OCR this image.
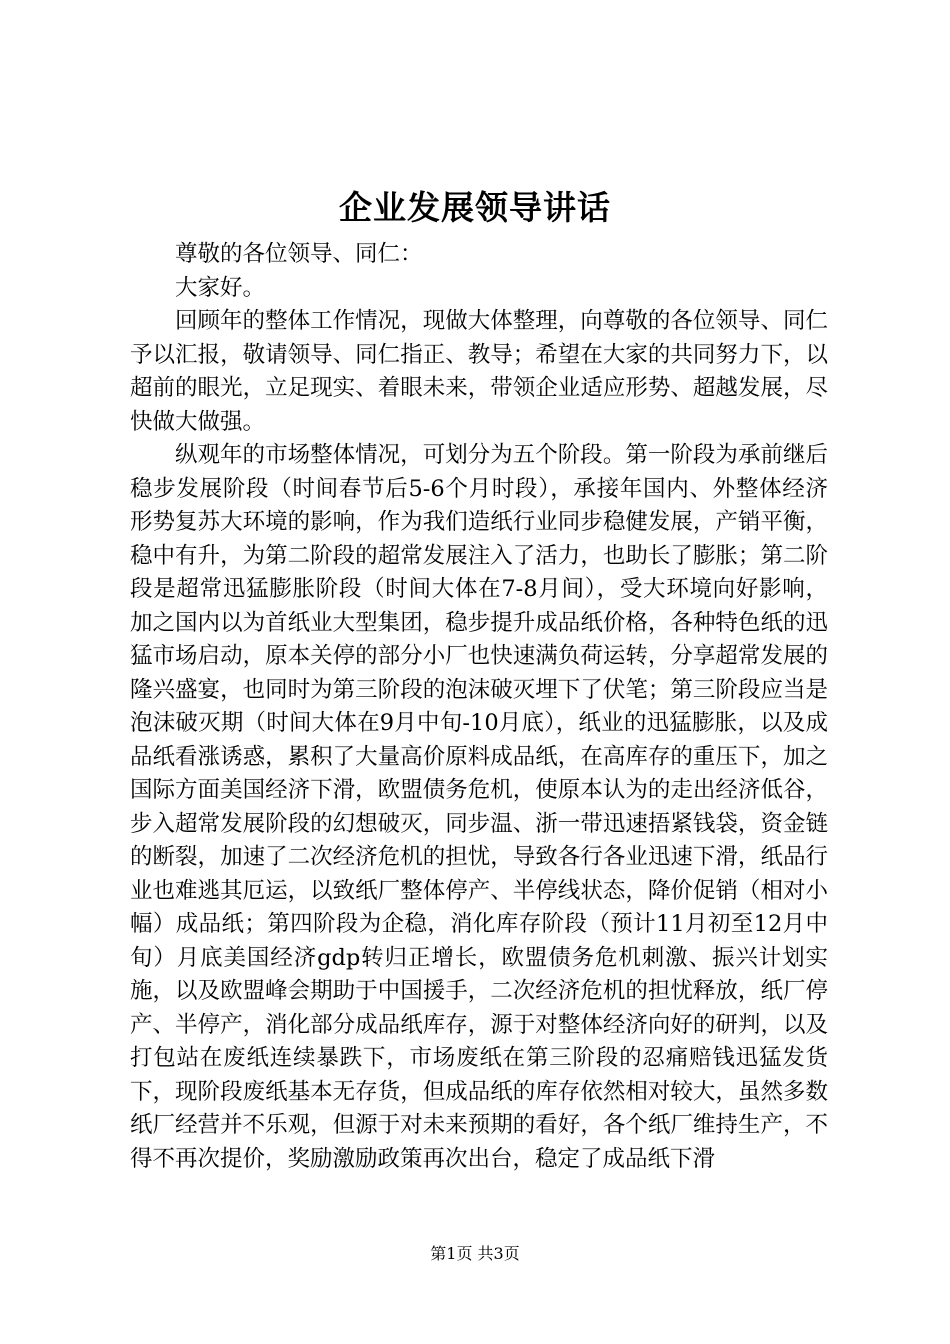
企业发展领导讲话

尊敬的各位领导、同仁：

大家好。

回顾年的整体工作情况，现做大体整理，向尊敬的各位领导、同仁予以汇报，敬请领导、同仁指正、教导；希望在大家的共同努力下，以超前的眼光，立足现实、着眼未来，带领企业适应形势、超越发展，尽快做大做强。

纵观年的市场整体情况，可划分为五个阶段。第一阶段为承前继后稳步发展阶段（时间春节后5-6个月时段），承接年国内、外整体经济形势复苏大环境的影响，作为我们造纸行业同步稳健发展，产销平衡，稳中有升，为第二阶段的超常发展注入了活力，也助长了膨胀；第二阶段是超常迅猛膨胀阶段（时间大体在7-8月间），受大环境向好影响，加之国内以为首纸业大型集团，稳步提升成品纸价格，各种特色纸的迅猛市场启动，原本关停的部分小厂也快速满负荷运转，分享超常发展的隆兴盛宴，也同时为第三阶段的泡沫破灭埋下了伏笔；第三阶段应当是泡沫破灭期（时间大体在9月中旬-10月底），纸业的迅猛膨胀，以及成品纸看涨诱惑，累积了大量高价原料成品纸，在高库存的重压下，加之国际方面美国经济下滑，欧盟债务危机，使原本认为的走出经济低谷，步入超常发展阶段的幻想破灭，同步温、浙一带迅速捂紧钱袋，资金链的断裂，加速了二次经济危机的担忧，导致各行各业迅速下滑，纸品行业也难逃其厄运，以致纸厂整体停产、半停线状态，降价促销（相对小幅）成品纸；第四阶段为企稳，消化库存阶段（预计11月初至12月中旬）月底美国经济gdp转归正增长，欧盟债务危机刺激、振兴计划实施，以及欧盟峰会期助于中国援手，二次经济危机的担忧释放，纸厂停产、半停产，消化部分成品纸库存，源于对整体经济向好的研判，以及打包站在废纸连续暴跌下，市场废纸在第三阶段的忍痛赔钱迅猛发货下，现阶段废纸基本无存货，但成品纸的库存依然相对较大，虽然多数纸厂经营并不乐观，但源于对未来预期的看好，各个纸厂维持生产，不得不再次提价，奖励激励政策再次出台，稳定了成品纸下滑

第1页 共3页
